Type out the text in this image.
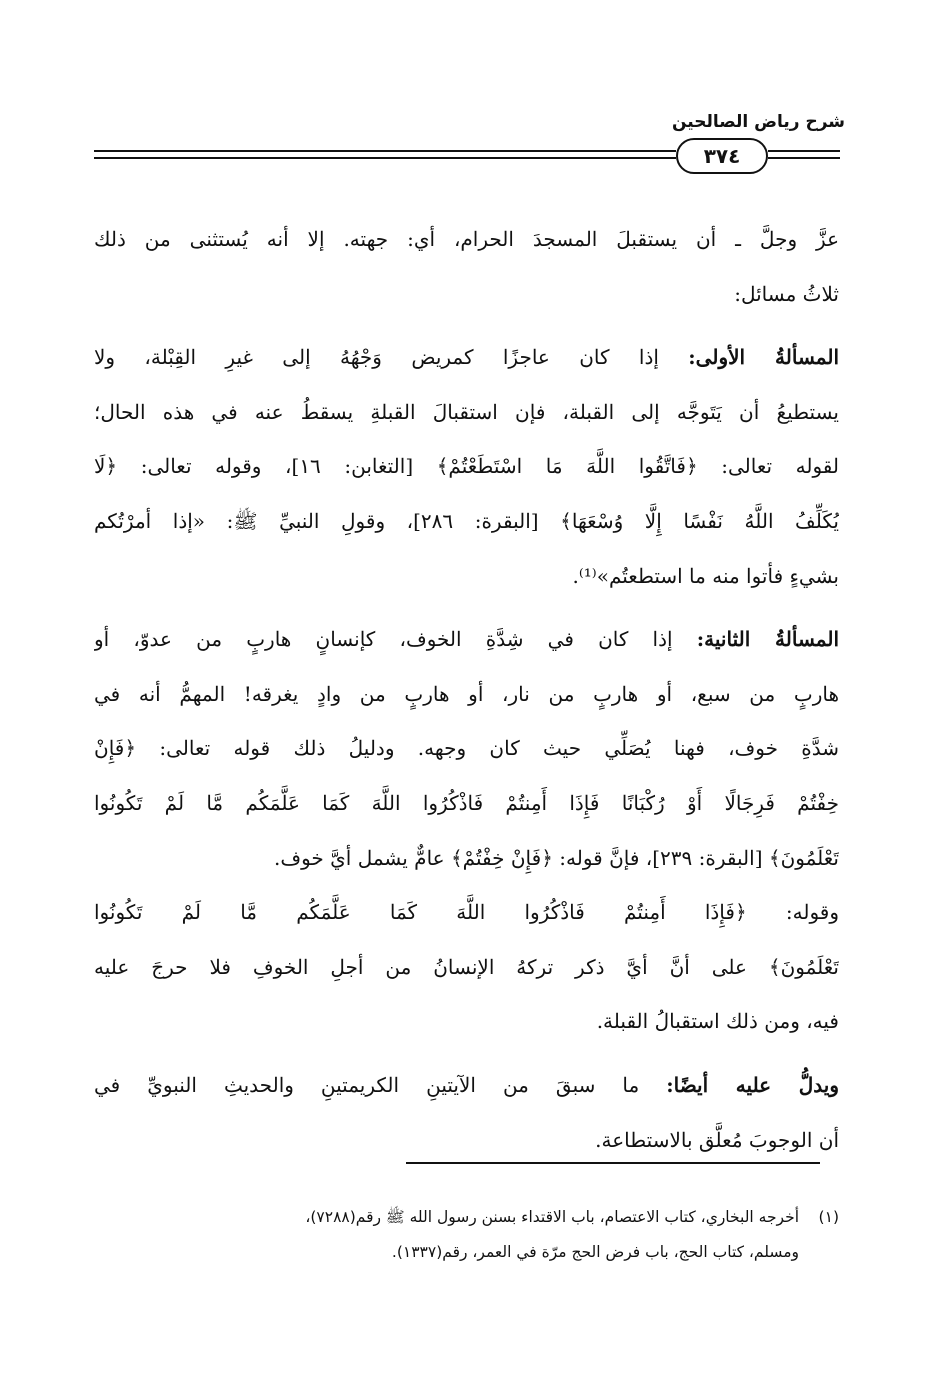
شرح رياض الصالحين
٣٧٤
عزَّ وجلَّ ـ أن يستقبلَ المسجدَ الحرام، أي: جهته. إلا أنه يُستثنى من ذلك
ثلاثُ مسائل:
المسألةُ الأولى: إذا كان عاجزًا كمريض وَجْهُهُ إلى غيرِ القِبْلة، ولا
يستطيعُ أن يَتَوجَّه إلى القبلة، فإن استقبالَ القبلةِ يسقطُ عنه في هذه الحال؛
لقوله تعالى: ﴿فَاتَّقُوا اللَّهَ مَا اسْتَطَعْتُمْ﴾ [التغابن: ١٦]، وقوله تعالى: ﴿لَا
يُكَلِّفُ اللَّهُ نَفْسًا إِلَّا وُسْعَهَا﴾ [البقرة: ٢٨٦]، وقولِ النبيِّ ﷺ: «إذا أمرْتُكم
بشيءٍ فأتوا منه ما استطعتُم»⁽¹⁾.
المسألةُ الثانية: إذا كان في شِدَّةِ الخوف، كإنسانٍ هاربٍ من عدوّ، أو
هاربٍ من سبع، أو هاربٍ من نار، أو هاربٍ من وادٍ يغرقه! المهمُّ أنه في
شدَّةِ خوف، فهنا يُصَلِّي حيث كان وجهه. ودليلُ ذلك قوله تعالى: ﴿فَإِنْ
خِفْتُمْ فَرِجَالًا أَوْ رُكْبَانًا فَإِذَا أَمِنتُمْ فَاذْكُرُوا اللَّهَ كَمَا عَلَّمَكُم مَّا لَمْ تَكُونُوا
تَعْلَمُونَ﴾ [البقرة: ٢٣٩]، فإنَّ قوله: ﴿فَإِنْ خِفْتُمْ﴾ عامٌّ يشمل أيَّ خوف.
وقوله: ﴿فَإِذَا أَمِنتُمْ فَاذْكُرُوا اللَّهَ كَمَا عَلَّمَكُم مَّا لَمْ تَكُونُوا
تَعْلَمُونَ﴾ على أنَّ أيَّ ذكر تركهُ الإنسانُ من أجلِ الخوفِ فلا حرجَ عليه
فيه، ومن ذلك استقبالُ القبلة.
ويدلُّ عليه أيضًا: ما سبقَ من الآيتينِ الكريمتينِ والحديثِ النبويِّ في
أن الوجوبَ مُعلَّق بالاستطاعة.
(١)أخرجه البخاري، كتاب الاعتصام، باب الاقتداء بسنن رسول الله ﷺ رقم(٧٢٨٨)،
ومسلم، كتاب الحج، باب فرض الحج مرّة في العمر، رقم(١٣٣٧).
